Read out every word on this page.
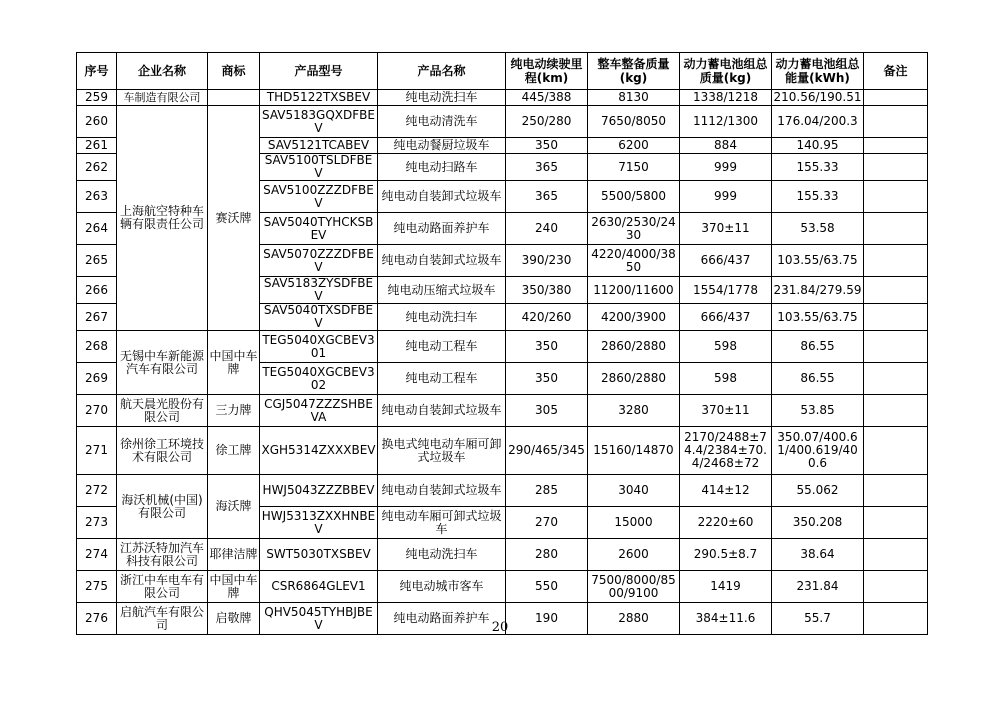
序号	企业名称	商标	产品型号	产品名称	纯电动续驶里程(km)	整车整备质量(kg)	动力蓄电池组总质量(kg)	动力蓄电池组总能量(kWh)	备注
259	车制造有限公司		THD5122TXSBEV	纯电动洗扫车	445/388	8130	1338/1218	210.56/190.51	
260	上海航空特种车辆有限责任公司	赛沃牌	SAV5183GQXDFBEV	纯电动清洗车	250/280	7650/8050	1112/1300	176.04/200.3	
261			SAV5121TCABEV	纯电动餐厨垃圾车	350	6200	884	140.95	
262			SAV5100TSLDFBEV	纯电动扫路车	365	7150	999	155.33	
263			SAV5100ZZZDFBEV	纯电动自装卸式垃圾车	365	5500/5800	999	155.33	
264			SAV5040TYHCKSBEV	纯电动路面养护车	240	2630/2530/2430	370±11	53.58	
265			SAV5070ZZZDFBEV	纯电动自装卸式垃圾车	390/230	4220/4000/3850	666/437	103.55/63.75	
266			SAV5183ZYSDFBEV	纯电动压缩式垃圾车	350/380	11200/11600	1554/1778	231.84/279.59	
267			SAV5040TXSDFBEV	纯电动洗扫车	420/260	4200/3900	666/437	103.55/63.75	
268	无锡中车新能源汽车有限公司	中国中车牌	TEG5040XGCBEV301	纯电动工程车	350	2860/2880	598	86.55	
269			TEG5040XGCBEV302	纯电动工程车	350	2860/2880	598	86.55	
270	航天晨光股份有限公司	三力牌	CGJ5047ZZZSHBEVA	纯电动自装卸式垃圾车	305	3280	370±11	53.85	
271	徐州徐工环境技术有限公司	徐工牌	XGH5314ZXXXBEV	换电式纯电动车厢可卸式垃圾车	290/465/345	15160/14870	2170/2488±74.4/2384±70.4/2468±72	350.07/400.61/400.619/400.6	
272	海沃机械(中国)有限公司	海沃牌	HWJ5043ZZZBBEV	纯电动自装卸式垃圾车	285	3040	414±12	55.062	
273			HWJ5313ZXXHNBEV	纯电动车厢可卸式垃圾车	270	15000	2220±60	350.208	
274	江苏沃特加汽车科技有限公司	耶律洁牌	SWT5030TXSBEV	纯电动洗扫车	280	2600	290.5±8.7	38.64	
275	浙江中车电车有限公司	中国中车牌	CSR6864GLEV1	纯电动城市客车	550	7500/8000/8500/9100	1419	231.84	
276	启航汽车有限公司	启敬牌	QHV5045TYHBJBEV	纯电动路面养护车	190	2880	384±11.6	55.7	
20
